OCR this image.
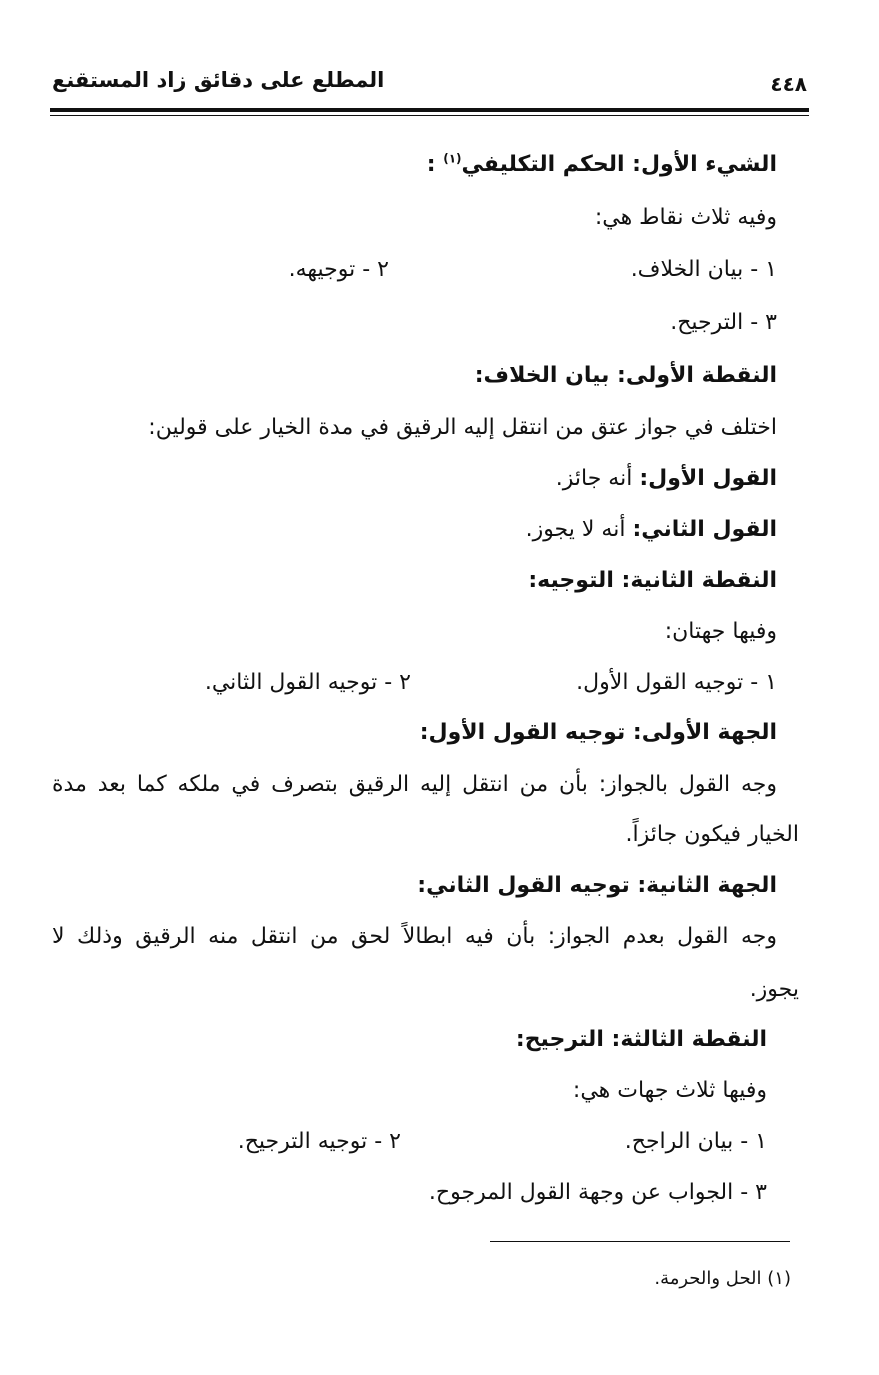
٤٤٨
المطلع على دقائق زاد المستقنع
الشيء الأول: الحكم التكليفي$^{(١)}$ :
وفيه ثلاث نقاط هي:
١ - بيان الخلاف.
٢ - توجيهه.
٣ - الترجيح.
النقطة الأولى: بيان الخلاف:
اختلف في جواز عتق من انتقل إليه الرقيق في مدة الخيار على قولين:
القول الأول: أنه جائز.
القول الثاني: أنه لا يجوز.
النقطة الثانية: التوجيه:
وفيها جهتان:
١ - توجيه القول الأول.
٢ - توجيه القول الثاني.
الجهة الأولى: توجيه القول الأول:
وجه القول بالجواز: بأن من انتقل إليه الرقيق بتصرف في ملكه كما بعد مدة
الخيار فيكون جائزاً.
الجهة الثانية: توجيه القول الثاني:
وجه القول بعدم الجواز: بأن فيه ابطالاً لحق من انتقل منه الرقيق وذلك لا
يجوز.
النقطة الثالثة: الترجيح:
وفيها ثلاث جهات هي:
١ - بيان الراجح.
٢ - توجيه الترجيح.
٣ - الجواب عن وجهة القول المرجوح.
(١) الحل والحرمة.
